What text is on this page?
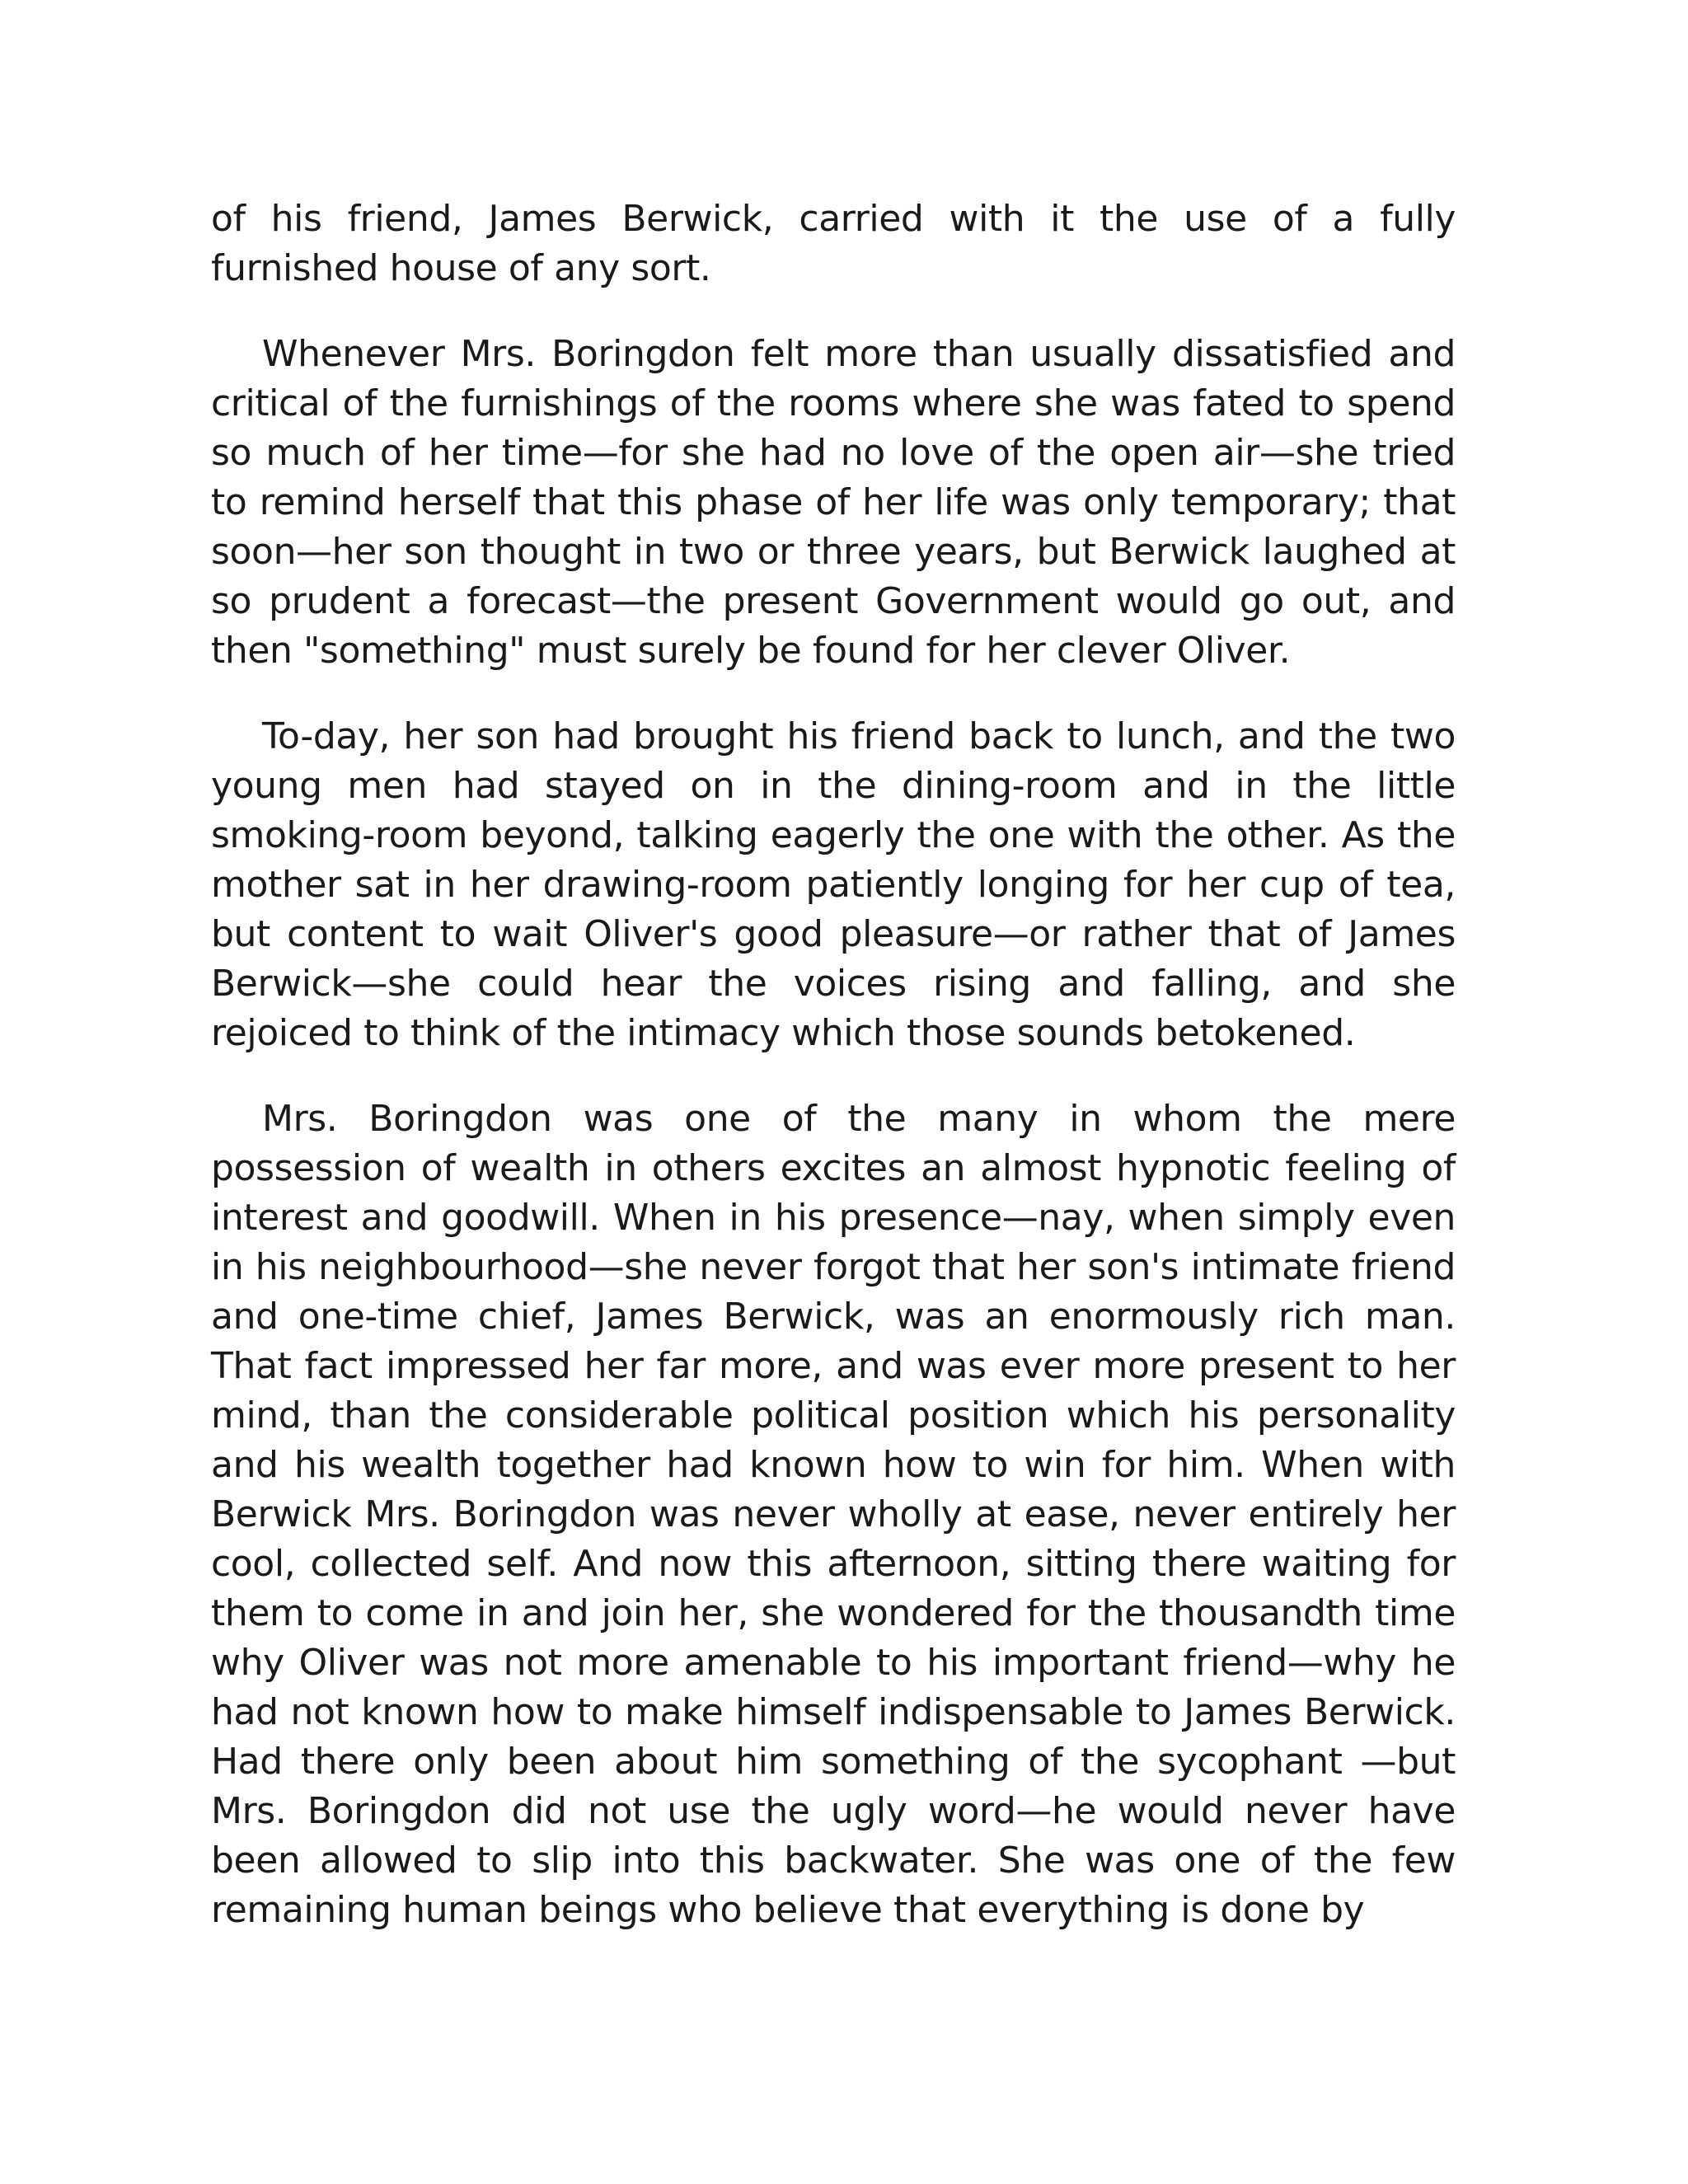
of his friend, James Berwick, carried with it the use of a fully furnished house of any sort.

Whenever Mrs. Boringdon felt more than usually dissatisfied and critical of the furnishings of the rooms where she was fated to spend so much of her time—for she had no love of the open air—she tried to remind herself that this phase of her life was only temporary; that soon—her son thought in two or three years, but Berwick laughed at so prudent a forecast—the present Government would go out, and then "something" must surely be found for her clever Oliver.

To-day, her son had brought his friend back to lunch, and the two young men had stayed on in the dining-room and in the little smoking-room beyond, talking eagerly the one with the other. As the mother sat in her drawing-room patiently longing for her cup of tea, but content to wait Oliver's good pleasure—or rather that of James Berwick—she could hear the voices rising and falling, and she rejoiced to think of the intimacy which those sounds betokened.

Mrs. Boringdon was one of the many in whom the mere possession of wealth in others excites an almost hypnotic feeling of interest and goodwill. When in his presence—nay, when simply even in his neighbourhood—she never forgot that her son's intimate friend and one-time chief, James Berwick, was an enormously rich man. That fact impressed her far more, and was ever more present to her mind, than the considerable political position which his personality and his wealth together had known how to win for him. When with Berwick Mrs. Boringdon was never wholly at ease, never entirely her cool, collected self. And now this afternoon, sitting there waiting for them to come in and join her, she wondered for the thousandth time why Oliver was not more amenable to his important friend—why he had not known how to make himself indispensable to James Berwick. Had there only been about him something of the sycophant —but Mrs. Boringdon did not use the ugly word—he would never have been allowed to slip into this backwater. She was one of the few remaining human beings who believe that everything is done by
